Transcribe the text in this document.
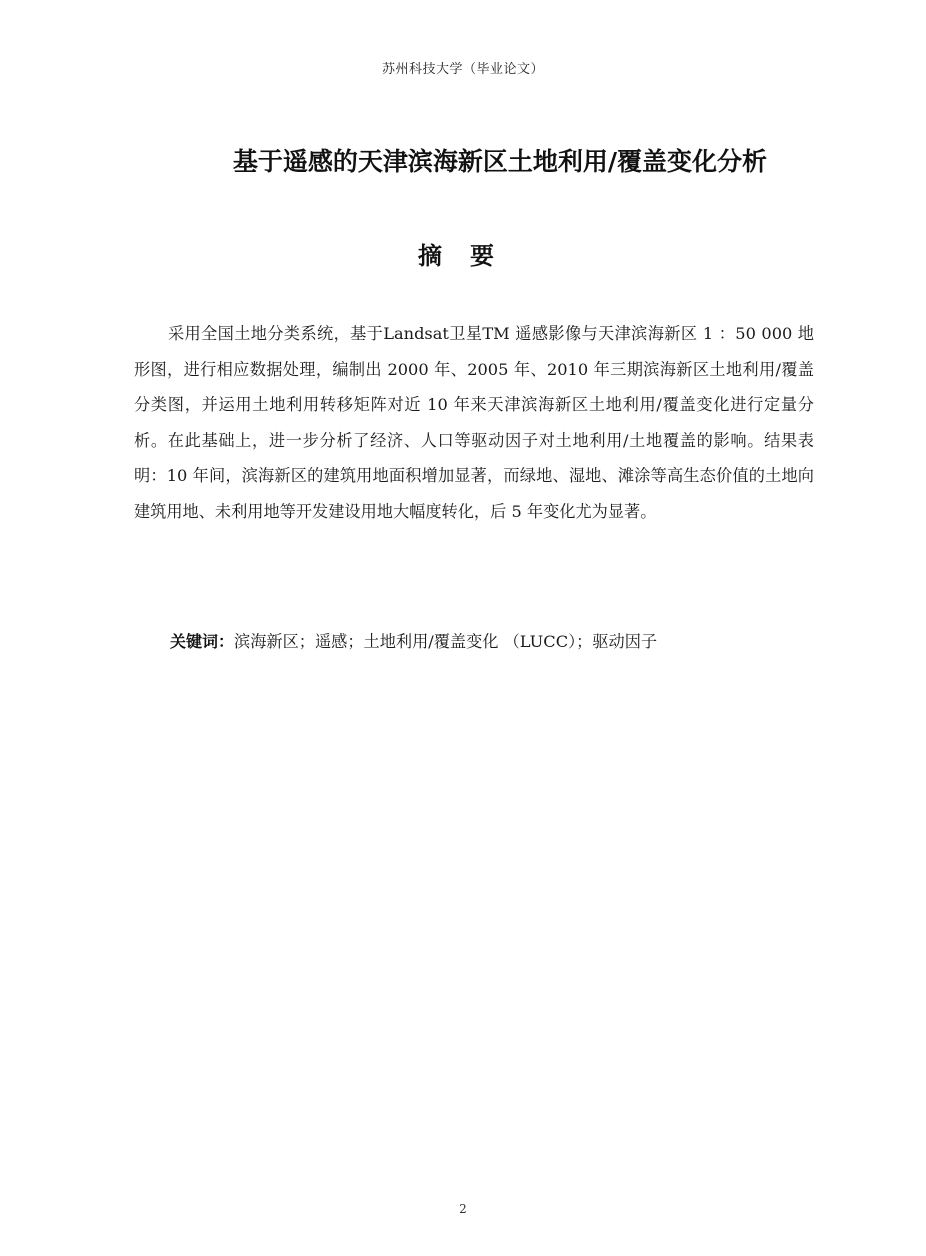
苏州科技大学（毕业论文）
基于遥感的天津滨海新区土地利用/覆盖变化分析
摘要

采用全国土地分类系统，基于Landsat卫星TM 遥感影像与天津滨海新区 1 ：50 000 地形图，进行相应数据处理，编制出 2000 年、2005 年、2010 年三期滨海新区土地利用/覆盖分类图，并运用土地利用转移矩阵对近 10 年来天津滨海新区土地利用/覆盖变化进行定量分析。在此基础上，进一步分析了经济、人口等驱动因子对土地利用/土地覆盖的影响。结果表明：10 年间，滨海新区的建筑用地面积增加显著，而绿地、湿地、滩涂等高生态价值的土地向建筑用地、未利用地等开发建设用地大幅度转化，后 5 年变化尤为显著。

关键词：滨海新区；遥感；土地利用/覆盖变化 （LUCC）；驱动因子
2
